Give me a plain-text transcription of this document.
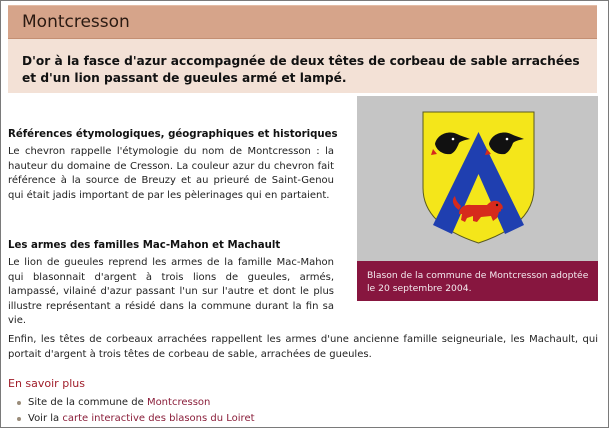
Montcresson
D'or à la fasce d'azur accompagnée de deux têtes de corbeau de sable arrachées et d'un lion passant de gueules armé et lampé.
Blason de la commune de Montcresson adoptée le 20 septembre 2004.
Références étymologiques, géographiques et historiques
Le chevron rappelle l'étymologie du nom de Montcresson : la hauteur du domaine de Cresson. La couleur azur du chevron fait référence à la source de Breuzy et au prieuré de Saint-Genou qui était jadis important de par les pèlerinages qui en partaient.
Les armes des familles Mac-Mahon et Machault
Le lion de gueules reprend les armes de la famille Mac-Mahon qui blasonnait d'argent à trois lions de gueules, armés, lampassé, vilainé d'azur passant l'un sur l'autre et dont le plus illustre représentant a résidé dans la commune durant la fin sa vie.
Enfin, les têtes de corbeaux arrachées rappellent les armes d'une ancienne famille seigneuriale, les Machault, qui portait d'argent à trois têtes de corbeau de sable, arrachées de gueules.
En savoir plus
Site de la commune de Montcresson
Voir la carte interactive des blasons du Loiret
